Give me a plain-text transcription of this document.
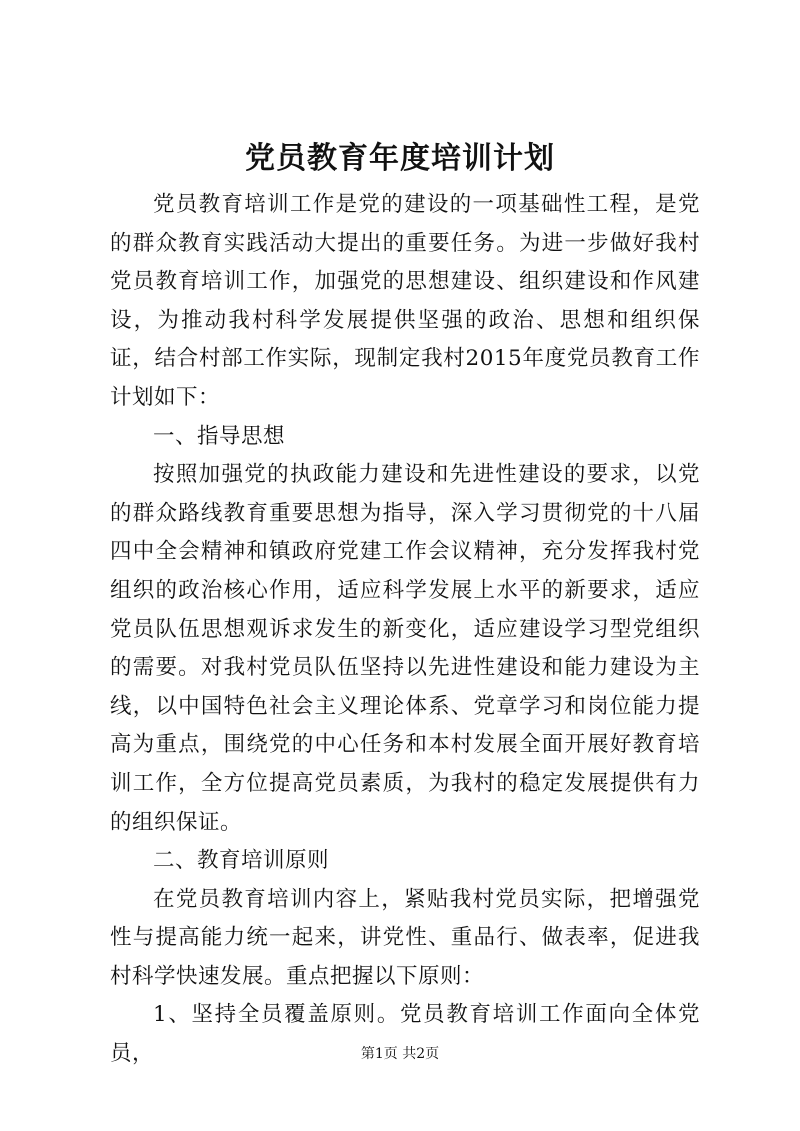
党员教育年度培训计划

党员教育培训工作是党的建设的一项基础性工程，是党的群众教育实践活动大提出的重要任务。为进一步做好我村党员教育培训工作，加强党的思想建设、组织建设和作风建设，为推动我村科学发展提供坚强的政治、思想和组织保证，结合村部工作实际，现制定我村2015年度党员教育工作计划如下：

一、指导思想

按照加强党的执政能力建设和先进性建设的要求，以党的群众路线教育重要思想为指导，深入学习贯彻党的十八届四中全会精神和镇政府党建工作会议精神，充分发挥我村党组织的政治核心作用，适应科学发展上水平的新要求，适应党员队伍思想观诉求发生的新变化，适应建设学习型党组织的需要。对我村党员队伍坚持以先进性建设和能力建设为主线，以中国特色社会主义理论体系、党章学习和岗位能力提高为重点，围绕党的中心任务和本村发展全面开展好教育培训工作，全方位提高党员素质，为我村的稳定发展提供有力的组织保证。

二、教育培训原则

在党员教育培训内容上，紧贴我村党员实际，把增强党性与提高能力统一起来，讲党性、重品行、做表率，促进我村科学快速发展。重点把握以下原则：

1、坚持全员覆盖原则。党员教育培训工作面向全体党员，	第1页 共2页
